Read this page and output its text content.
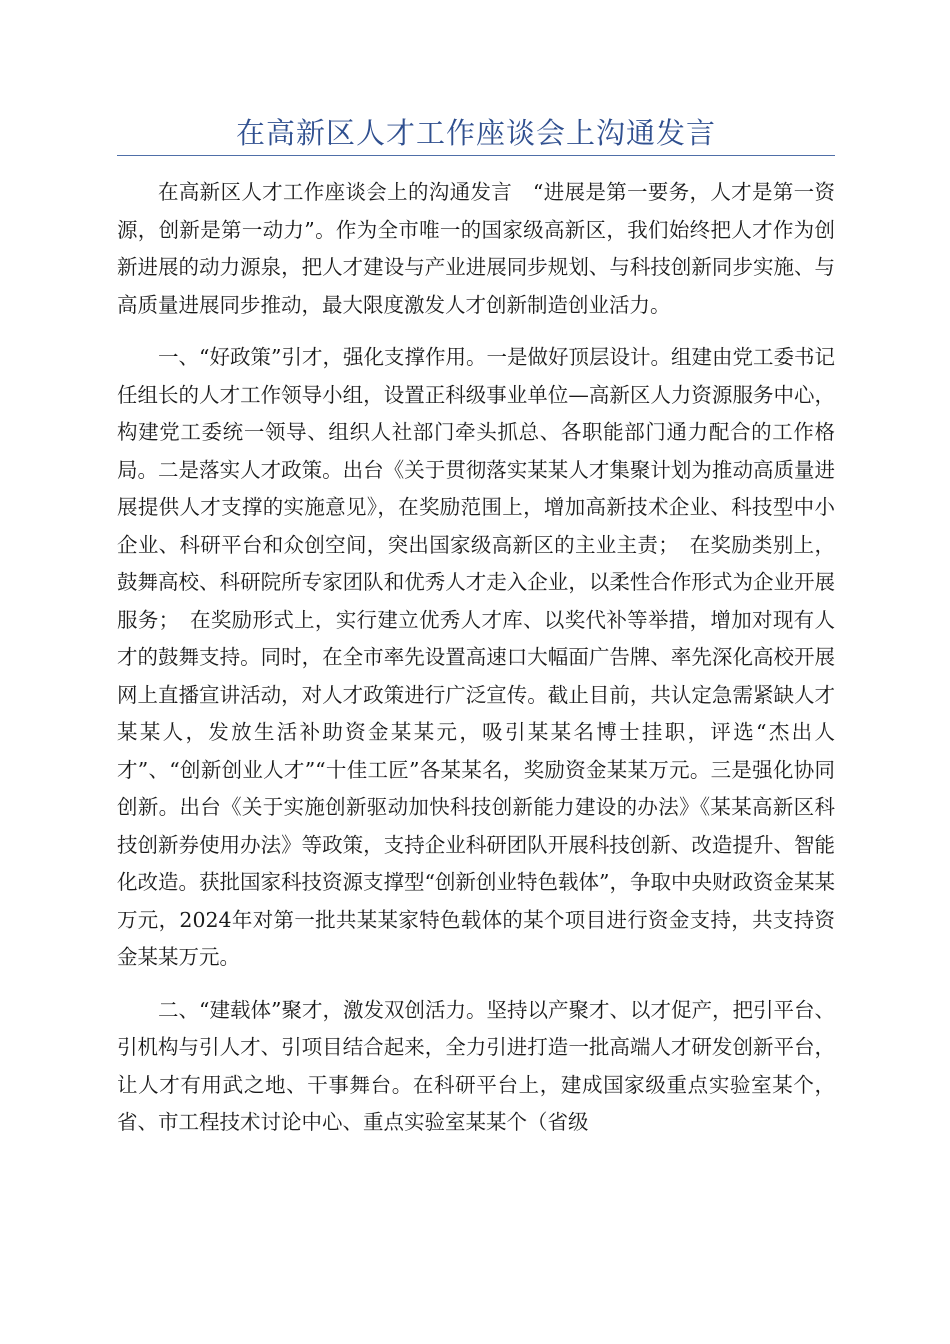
在高新区人才工作座谈会上沟通发言

在高新区人才工作座谈会上的沟通发言　“进展是第一要务，人才是第一资源，创新是第一动力”。作为全市唯一的国家级高新区，我们始终把人才作为创新进展的动力源泉，把人才建设与产业进展同步规划、与科技创新同步实施、与高质量进展同步推动，最大限度激发人才创新制造创业活力。

一、“好政策”引才，强化支撑作用。一是做好顶层设计。组建由党工委书记任组长的人才工作领导小组，设置正科级事业单位—高新区人力资源服务中心，构建党工委统一领导、组织人社部门牵头抓总、各职能部门通力配合的工作格局。二是落实人才政策。出台《关于贯彻落实某某人才集聚计划为推动高质量进展提供人才支撑的实施意见》，在奖励范围上，增加高新技术企业、科技型中小企业、科研平台和众创空间，突出国家级高新区的主业主责；　在奖励类别上，鼓舞高校、科研院所专家团队和优秀人才走入企业，以柔性合作形式为企业开展服务；　在奖励形式上，实行建立优秀人才库、以奖代补等举措，增加对现有人才的鼓舞支持。同时，在全市率先设置高速口大幅面广告牌、率先深化高校开展网上直播宣讲活动，对人才政策进行广泛宣传。截止目前，共认定急需紧缺人才某某人，发放生活补助资金某某元，吸引某某名博士挂职，评选“杰出人才”、“创新创业人才”“十佳工匠”各某某名，奖励资金某某万元。三是强化协同创新。出台《关于实施创新驱动加快科技创新能力建设的办法》《某某高新区科技创新券使用办法》等政策，支持企业科研团队开展科技创新、改造提升、智能化改造。获批国家科技资源支撑型“创新创业特色载体”，争取中央财政资金某某万元，2024年对第一批共某某家特色载体的某个项目进行资金支持，共支持资金某某万元。

二、“建载体”聚才，激发双创活力。坚持以产聚才、以才促产，把引平台、引机构与引人才、引项目结合起来，全力引进打造一批高端人才研发创新平台，让人才有用武之地、干事舞台。在科研平台上，建成国家级重点实验室某个，省、市工程技术讨论中心、重点实验室某某个（省级
